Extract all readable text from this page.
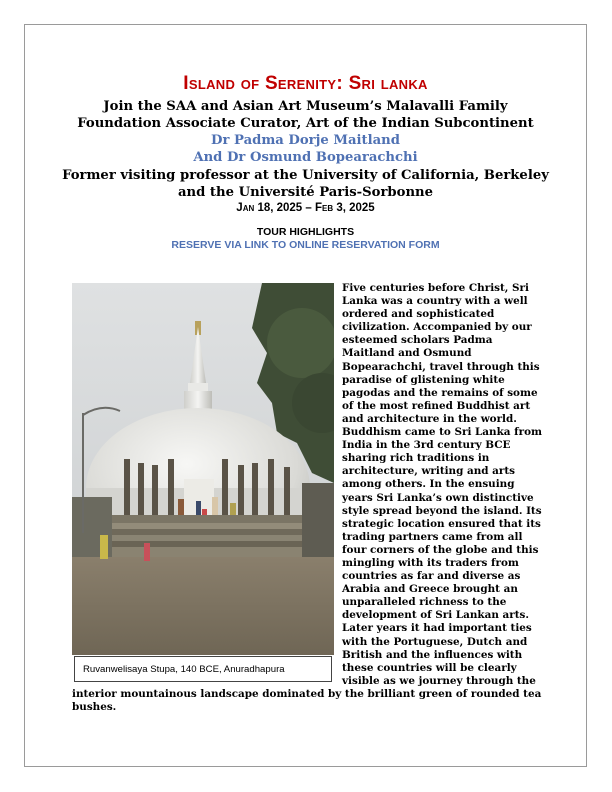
Island of Serenity: Sri lanka

Join the SAA and Asian Art Museum’s Malavalli Family

Foundation Associate Curator, Art of the Indian Subcontinent

Dr Padma Dorje Maitland

And Dr Osmund Bopearachchi

Former visiting professor at the University of California, Berkeley

and the Université Paris-Sorbonne

Jan 18, 2025 – Feb 3, 2025

TOUR HIGHLIGHTS

RESERVE VIA LINK TO ONLINE RESERVATION FORM
Ruvanwelisaya Stupa, 140 BCE, Anuradhapura
Five centuries before Christ, Sri Lanka was a country with a well ordered and sophisticated civilization. Accompanied by our esteemed scholars Padma Maitland and Osmund Bopearachchi, travel through this paradise of glistening white pagodas and the remains of some of the most refined Buddhist art and architecture in the world. Buddhism came to Sri Lanka from India in the 3rd century BCE sharing rich traditions in architecture, writing and arts among others. In the ensuing years Sri Lanka’s own distinctive style spread beyond the island. Its strategic location ensured that its trading partners came from all four corners of the globe and this mingling with its traders from countries as far and diverse as Arabia and Greece brought an unparalleled richness to the development of Sri Lankan arts. Later years it had important ties with the Portuguese, Dutch and British and the influences with these countries will be clearly visible as we journey through the interior mountainous landscape dominated by the brilliant green of rounded tea bushes.
